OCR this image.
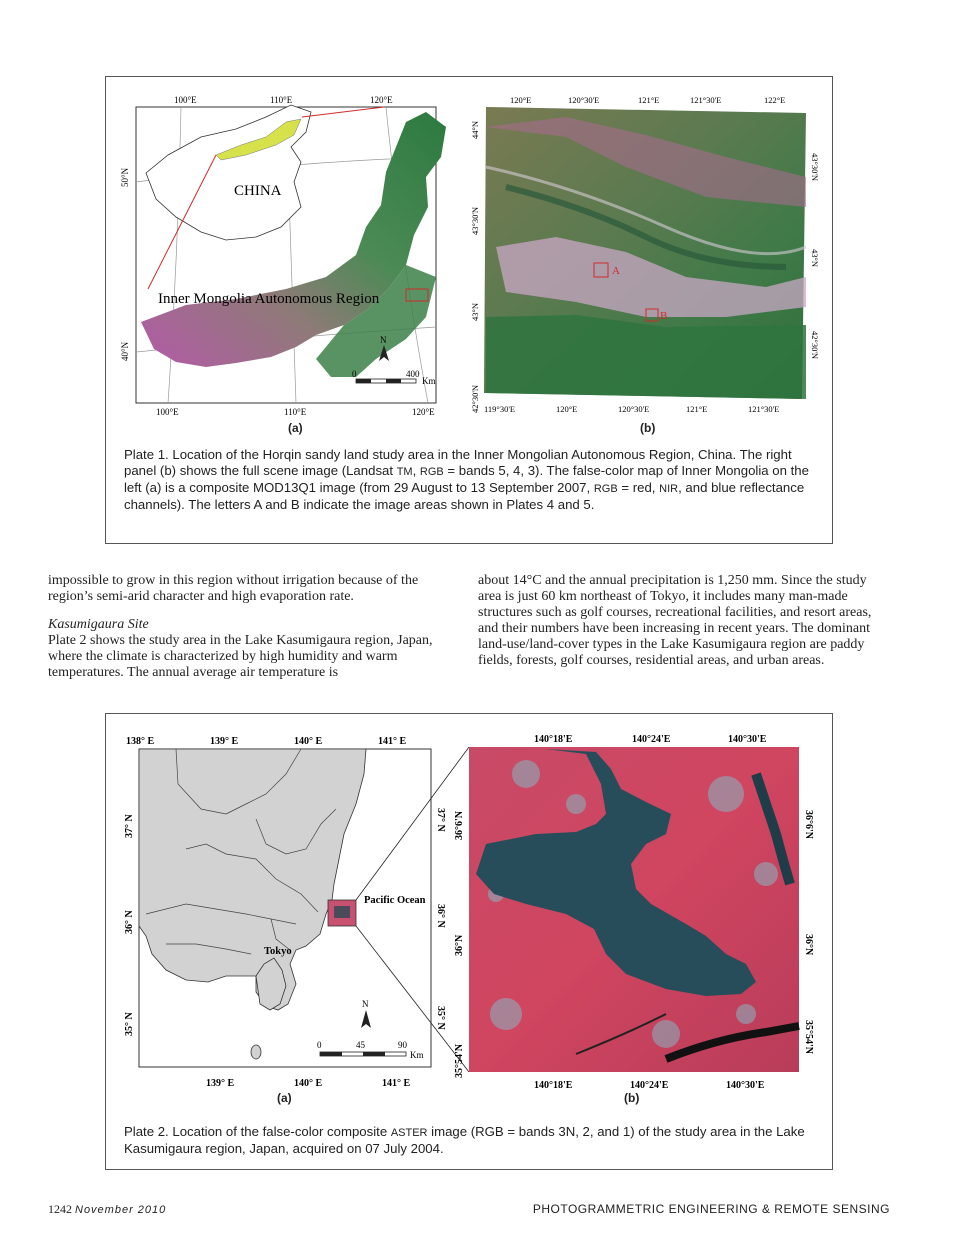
100°E	110°E	120°E
100°E	110°E	120°E
50°N
40°N
CHINA
Inner Mongolia Autonomous Region
N
0	400
Km
A
B
120°E	120°30'E	121°E	121°30'E	122°E
119°30'E	120°E	120°30'E	121°E	121°30'E
44°N
43°30'N
43°N
42°30'N
43°30'N
43°N
42°30'N
(a)	(b)
Plate 1. Location of the Horqin sandy land study area in the Inner Mongolian Autonomous Region, China. The right panel (b) shows the full scene image (Landsat TM, RGB = bands 5, 4, 3). The false-color map of Inner Mongolia on the left (a) is a composite MOD13Q1 image (from 29 August to 13 September 2007, RGB = red, NIR, and blue reflectance channels). The letters A and B indicate the image areas shown in Plates 4 and 5.

impossible to grow in this region without irrigation because of the region’s semi-arid character and high evaporation rate.

Kasumigaura Site

Plate 2 shows the study area in the Lake Kasumigaura region, Japan, where the climate is characterized by high humidity and warm temperatures. The annual average air temperature is

about 14°C and the annual precipitation is 1,250 mm. Since the study area is just 60 km northeast of Tokyo, it includes many man-made structures such as golf courses, recreational facilities, and resort areas, and their numbers have been increasing in recent years. The dominant land-use/land-cover types in the Lake Kasumigaura region are paddy fields, forests, golf courses, residential areas, and urban areas.

Pacific Ocean
Tokyo
N
0	45	90
Km
138° E	139° E	140° E	141° E
139° E	140° E	141° E
37° N
36° N
35° N
37° N
36° N
35° N
140°18'E	140°24'E	140°30'E
140°18'E	140°24'E	140°30'E
36°6'N
36°N
35°54'N
36°6'N
36°N
35°54'N
(a)	(b)
Plate 2. Location of the false-color composite ASTER image (RGB = bands 3N, 2, and 1) of the study area in the Lake Kasumigaura region, Japan, acquired on 07 July 2004.
1242 November 2010	PHOTOGRAMMETRIC ENGINEERING & REMOTE SENSING
